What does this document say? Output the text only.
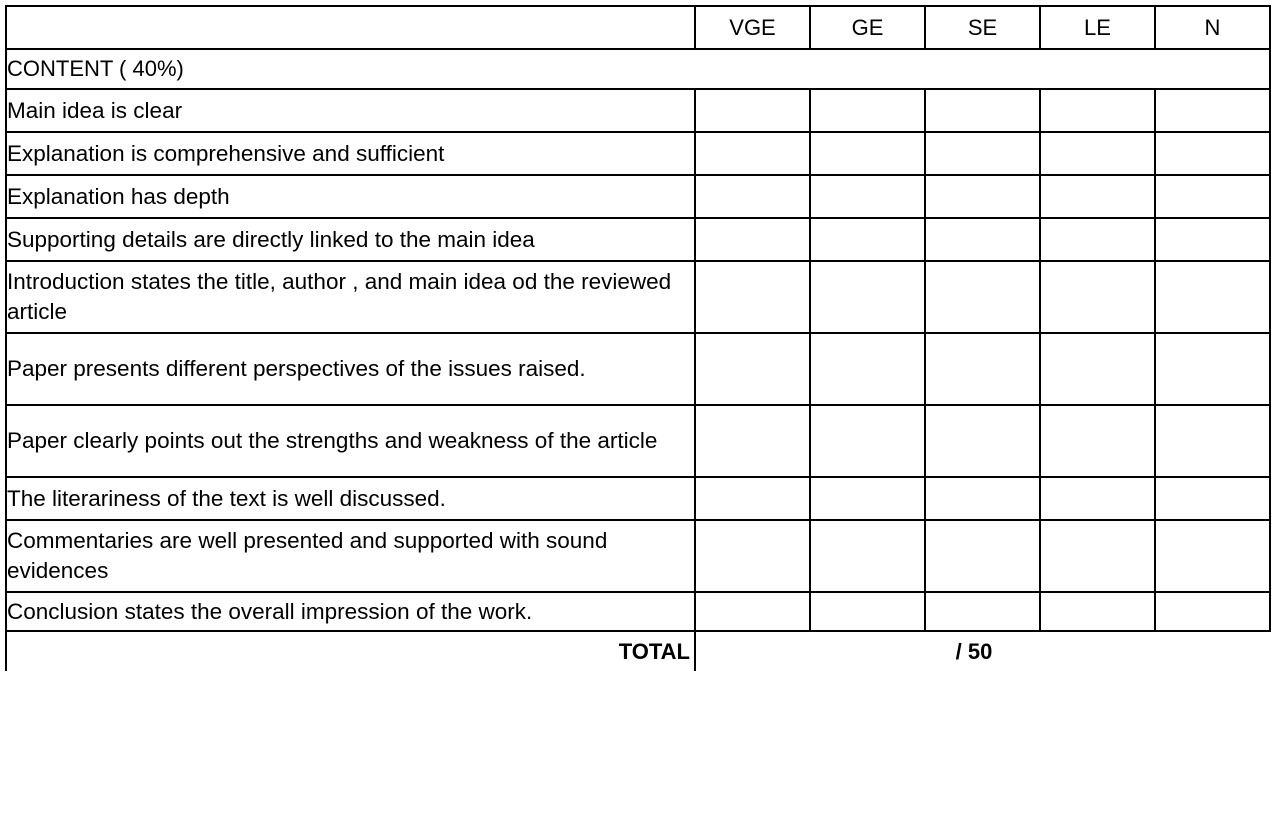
	VGE	GE	SE	LE	N
CONTENT ( 40%)					
Main idea is clear					
Explanation is comprehensive and sufficient					
Explanation has depth					
Supporting details are directly linked to the main idea					
Introduction states the title, author , and main idea od the reviewed article					
Paper presents different perspectives of the issues raised.					
Paper clearly points out the strengths and weakness of the article					
The literariness of the text is well discussed.					
Commentaries are well presented and supported with sound evidences					
Conclusion states the overall impression of the work.					
TOTAL	/ 50				
